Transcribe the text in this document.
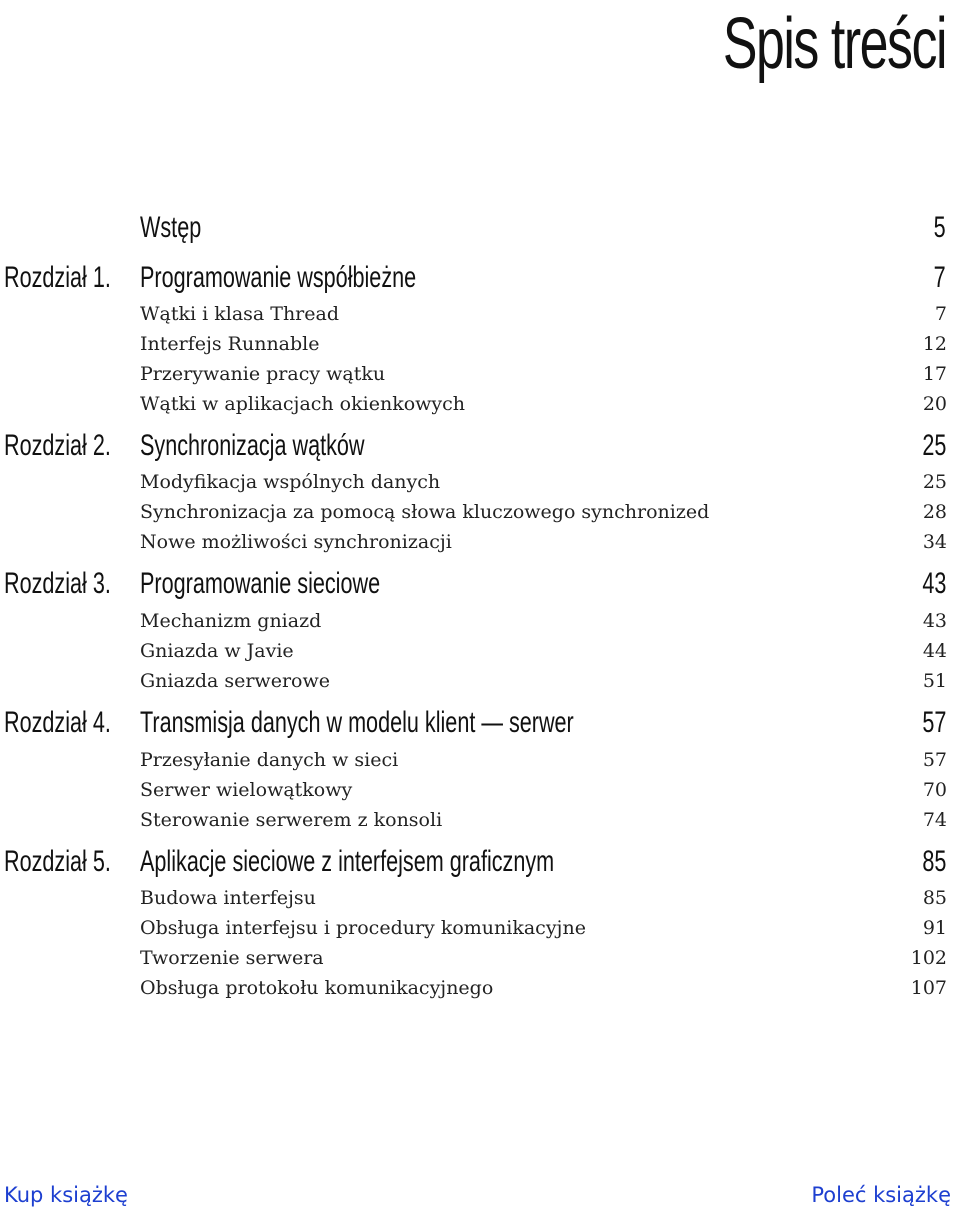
Spis treści
Wstęp	5
Rozdział 1. Programowanie współbieżne	7
Wątki i klasa Thread	7
Interfejs Runnable	12
Przerywanie pracy wątku	17
Wątki w aplikacjach okienkowych	20
Rozdział 2. Synchronizacja wątków	25
Modyfikacja wspólnych danych	25
Synchronizacja za pomocą słowa kluczowego synchronized	28
Nowe możliwości synchronizacji	34
Rozdział 3. Programowanie sieciowe	43
Mechanizm gniazd	43
Gniazda w Javie	44
Gniazda serwerowe	51
Rozdział 4. Transmisja danych w modelu klient — serwer	57
Przesyłanie danych w sieci	57
Serwer wielowątkowy	70
Sterowanie serwerem z konsoli	74
Rozdział 5. Aplikacje sieciowe z interfejsem graficznym	85
Budowa interfejsu	85
Obsługa interfejsu i procedury komunikacyjne	91
Tworzenie serwera	102
Obsługa protokołu komunikacyjnego	107
Kup książkę	Poleć książkę
